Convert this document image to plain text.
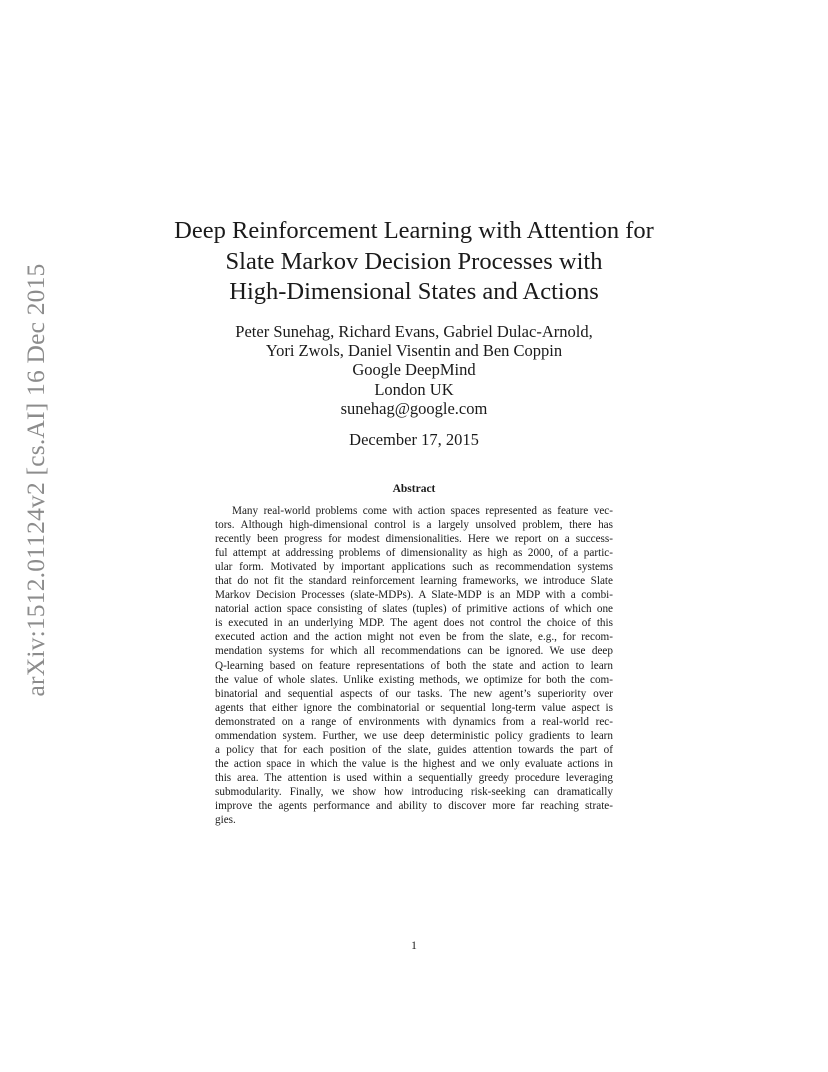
arXiv:1512.01124v2 [cs.AI] 16 Dec 2015
Deep Reinforcement Learning with Attention for
Slate Markov Decision Processes with
High-Dimensional States and Actions
Peter Sunehag, Richard Evans, Gabriel Dulac-Arnold,
Yori Zwols, Daniel Visentin and Ben Coppin
Google DeepMind
London UK
sunehag@google.com
December 17, 2015
Abstract
Many real-world problems come with action spaces represented as feature vec-
tors. Although high-dimensional control is a largely unsolved problem, there has
recently been progress for modest dimensionalities. Here we report on a success-
ful attempt at addressing problems of dimensionality as high as 2000, of a partic-
ular form. Motivated by important applications such as recommendation systems
that do not fit the standard reinforcement learning frameworks, we introduce Slate
Markov Decision Processes (slate-MDPs). A Slate-MDP is an MDP with a combi-
natorial action space consisting of slates (tuples) of primitive actions of which one
is executed in an underlying MDP. The agent does not control the choice of this
executed action and the action might not even be from the slate, e.g., for recom-
mendation systems for which all recommendations can be ignored. We use deep
Q-learning based on feature representations of both the state and action to learn
the value of whole slates. Unlike existing methods, we optimize for both the com-
binatorial and sequential aspects of our tasks. The new agent’s superiority over
agents that either ignore the combinatorial or sequential long-term value aspect is
demonstrated on a range of environments with dynamics from a real-world rec-
ommendation system. Further, we use deep deterministic policy gradients to learn
a policy that for each position of the slate, guides attention towards the part of
the action space in which the value is the highest and we only evaluate actions in
this area. The attention is used within a sequentially greedy procedure leveraging
submodularity. Finally, we show how introducing risk-seeking can dramatically
improve the agents performance and ability to discover more far reaching strate-
gies.
1
